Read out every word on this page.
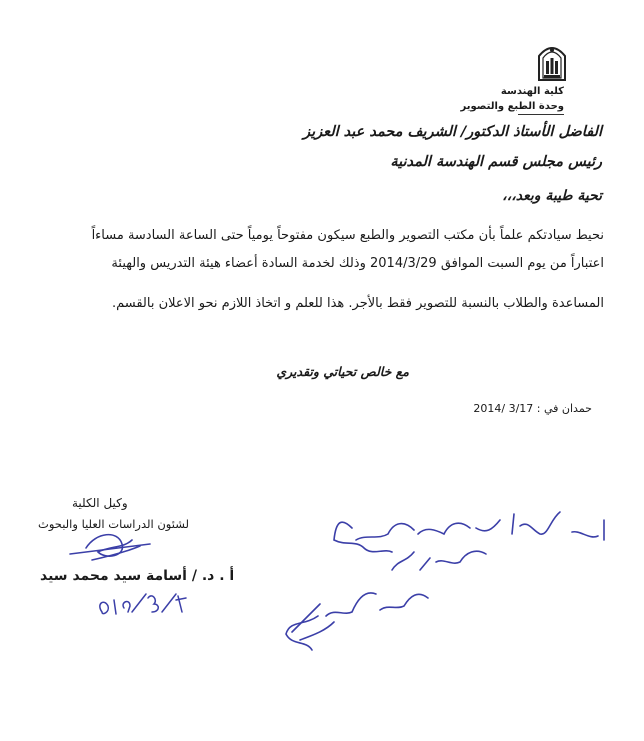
كلية الهندسة
وحدة الطبع والتصوير
الفاضل الأستاذ الدكتور/ الشريف محمد عبد العزيز
رئيس مجلس قسم الهندسة المدنية
تحية طيبة وبعد،،،
نحيط سيادتكم علماً بأن مكتب التصوير والطبع سيكون مفتوحاً يومياً حتى الساعة السادسة مساءاً
اعتباراً من يوم السبت الموافق 2014/3/29 وذلك لخدمة السادة أعضاء هيئة التدريس والهيئة
المساعدة والطلاب بالنسبة للتصوير فقط بالأجر. هذا للعلم و اتخاذ اللازم نحو الاعلان بالقسم.
مع خالص تحياتي وتقديري
حمدان في : 3/17 /2014
وكيل الكلية
لشئون الدراسات العليا والبحوث
أ . د. / أسامة سيد محمد سيد
